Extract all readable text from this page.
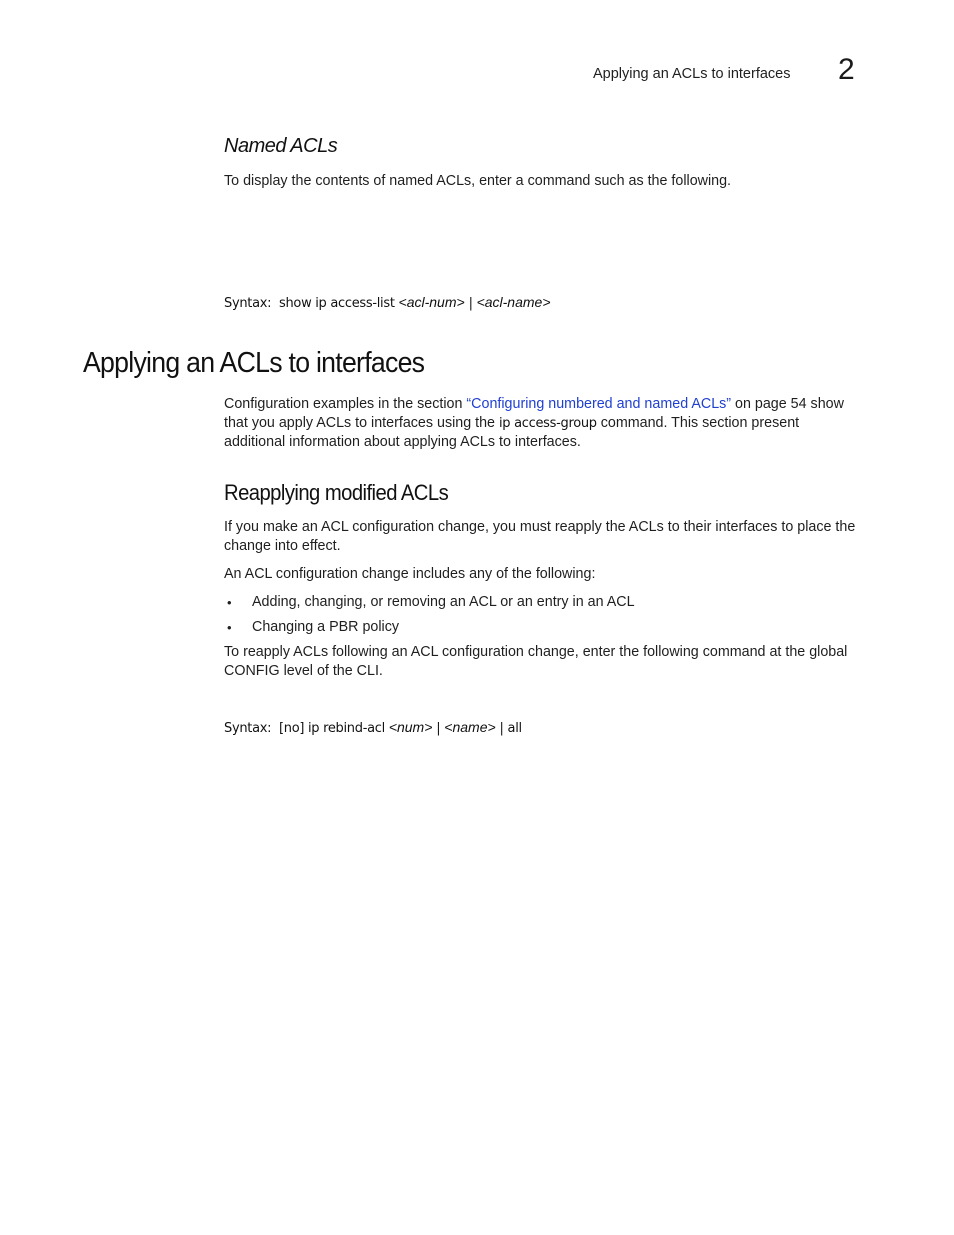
Applying an ACLs to interfaces 2
Named ACLs
To display the contents of named ACLs, enter a command such as the following.
Syntax: show ip access-list <acl-num> | <acl-name>
Applying an ACLs to interfaces
Configuration examples in the section “Configuring numbered and named ACLs” on page 54 show
that you apply ACLs to interfaces using the ip access-group command. This section present
additional information about applying ACLs to interfaces.
Reapplying modified ACLs
If you make an ACL configuration change, you must reapply the ACLs to their interfaces to place the
change into effect.
An ACL configuration change includes any of the following:
• Adding, changing, or removing an ACL or an entry in an ACL
• Changing a PBR policy
To reapply ACLs following an ACL configuration change, enter the following command at the global
CONFIG level of the CLI.
Syntax: [no] ip rebind-acl <num> | <name> | all
